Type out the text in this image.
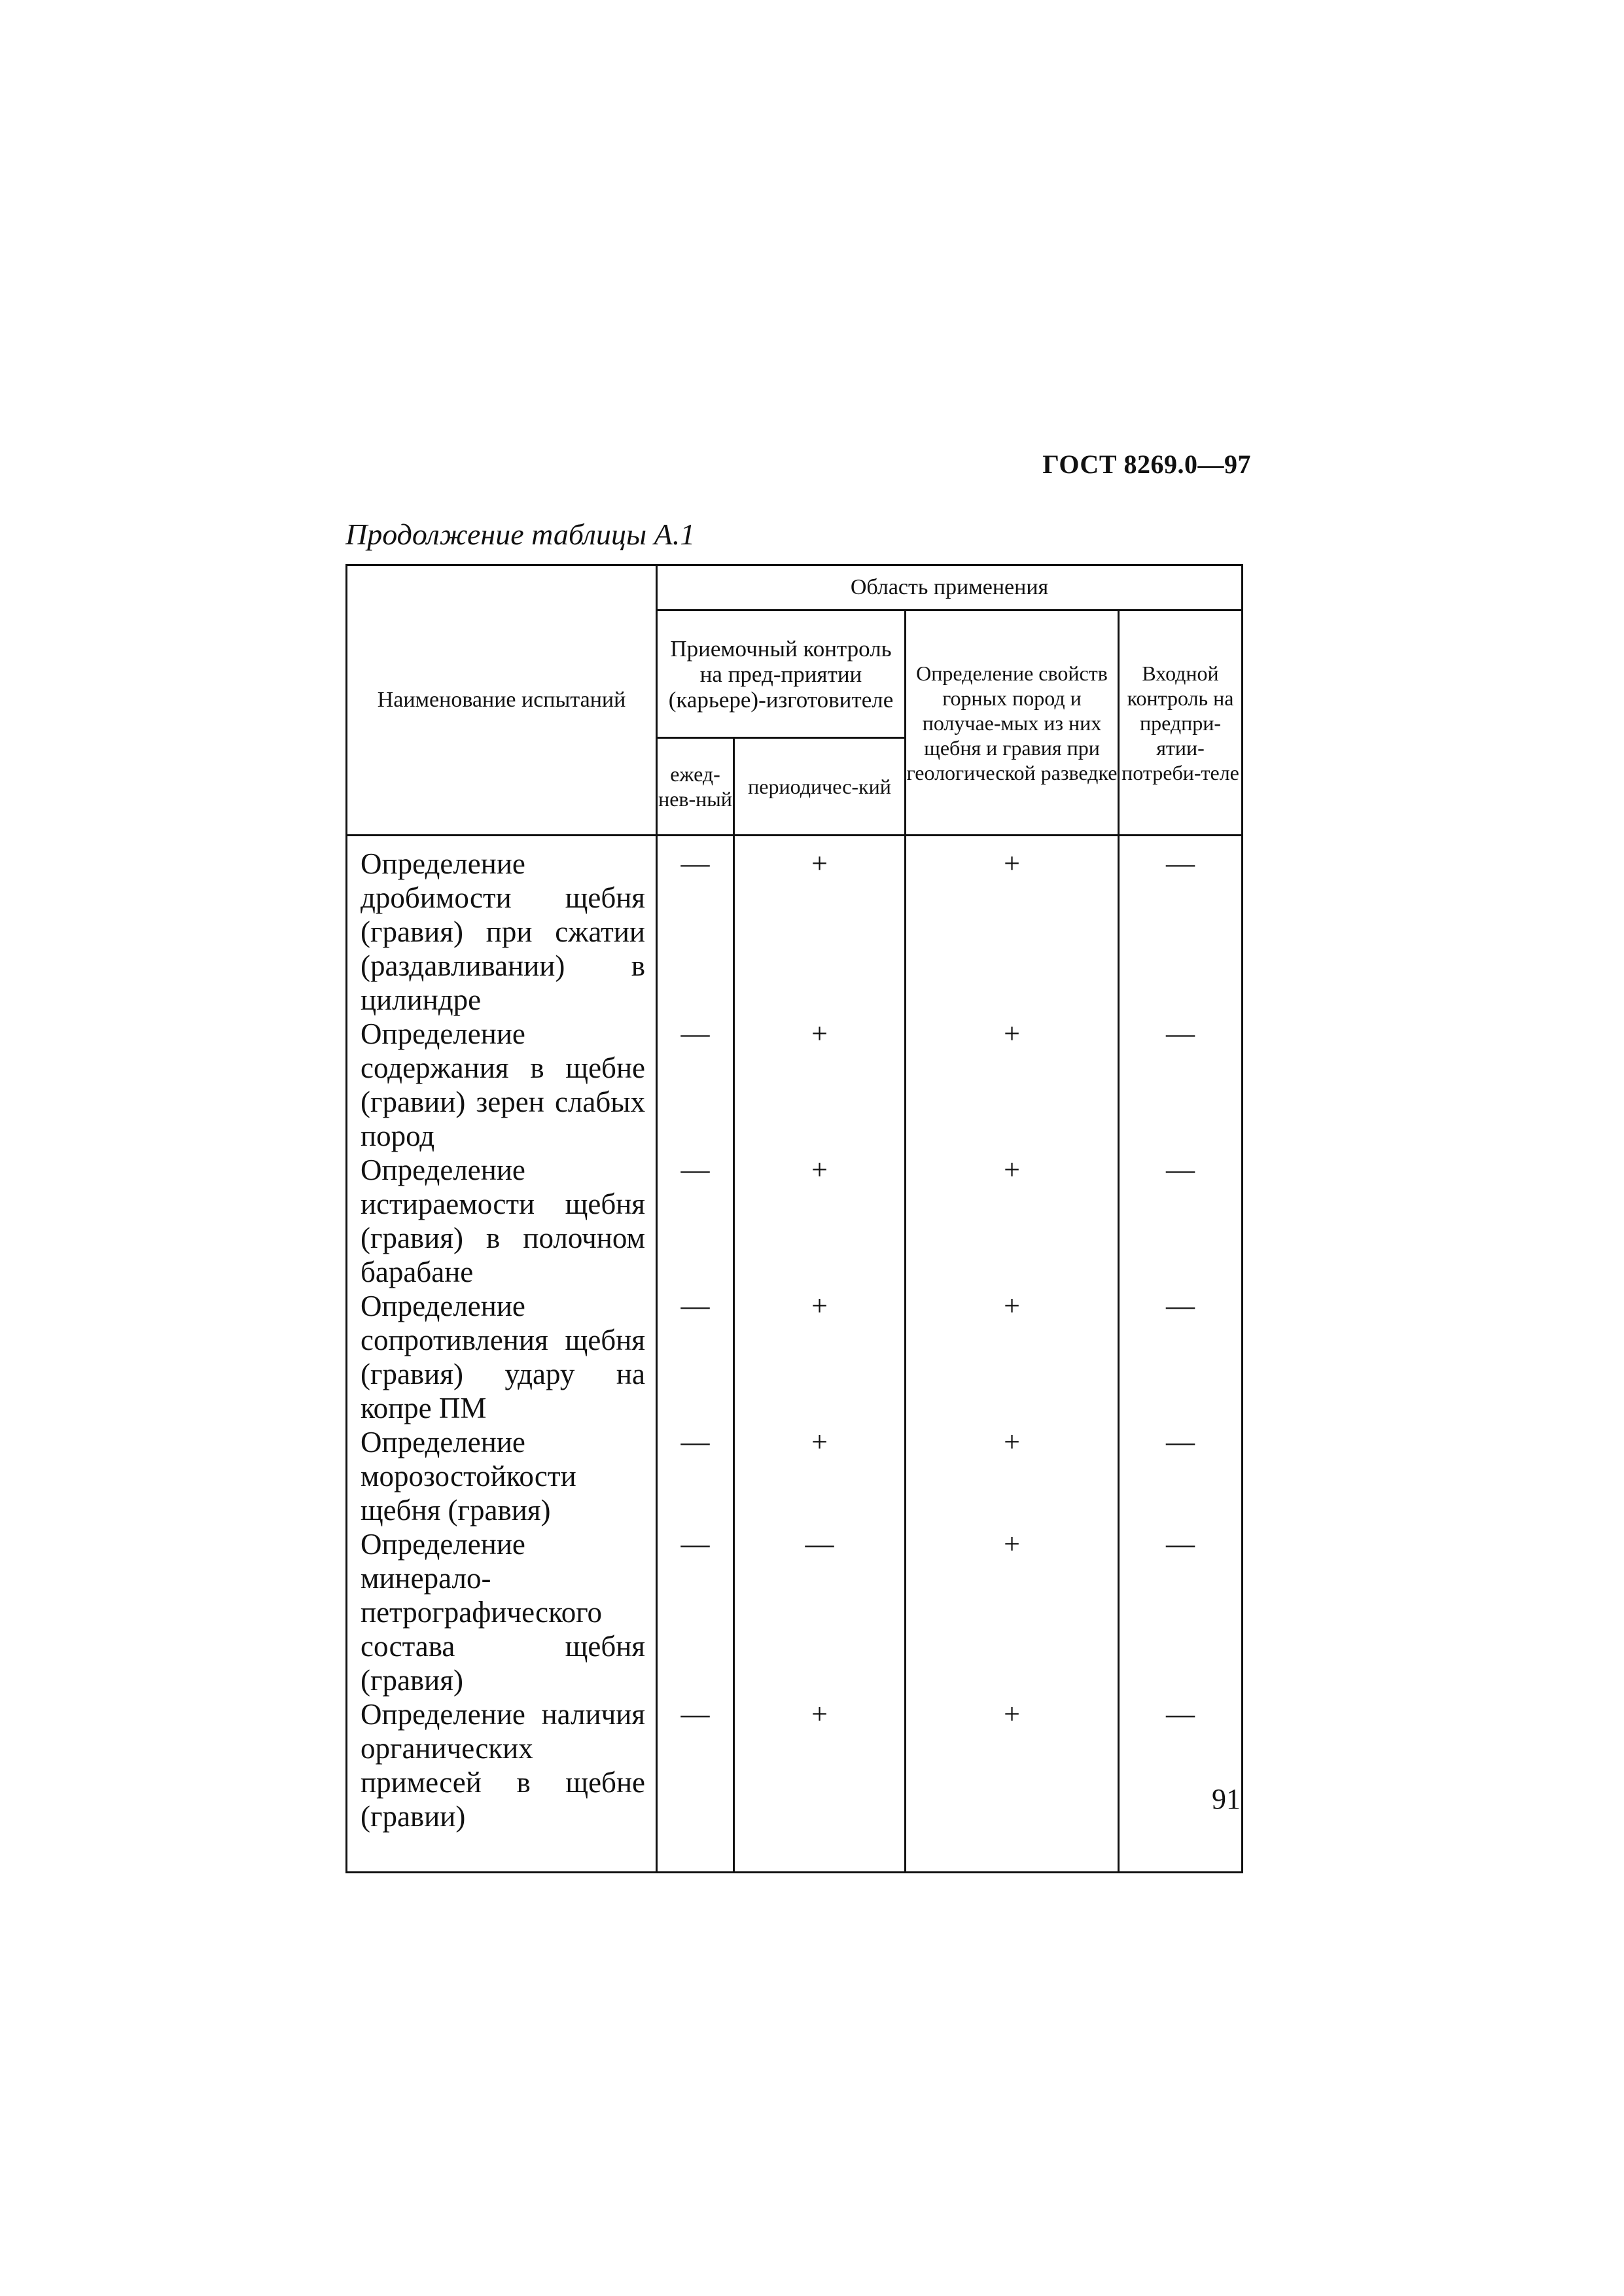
ГОСТ 8269.0—97
Продолжение таблицы А.1
Наименование испытаний	Область применения			
	Приемочный контроль на пред-приятии (карьере)-изготовителе		Определение свойств горных пород и получае-мых из них щебня и гравия при геологической разведке	Входной контроль на предпри-ятии-потреби-теле
	ежед-нев-ный	периодичес-кий		
Определение дробимости щебня (гравия) при сжатии (раздавливании) в цилиндре	—	+	+	—
Определение содержания в щебне (гравии) зерен слабых пород	—	+	+	—
Определение истираемости щебня (гравия) в полочном барабане	—	+	+	—
Определение сопротивления щебня (гравия) удару на копре ПМ	—	+	+	—
Определение морозостойкости щебня (гравия)	—	+	+	—
Определение минерало-петрографического состава щебня (гравия)	—	—	+	—
Определение наличия органических примесей в щебне (гравии)	—	+	+	—
91
